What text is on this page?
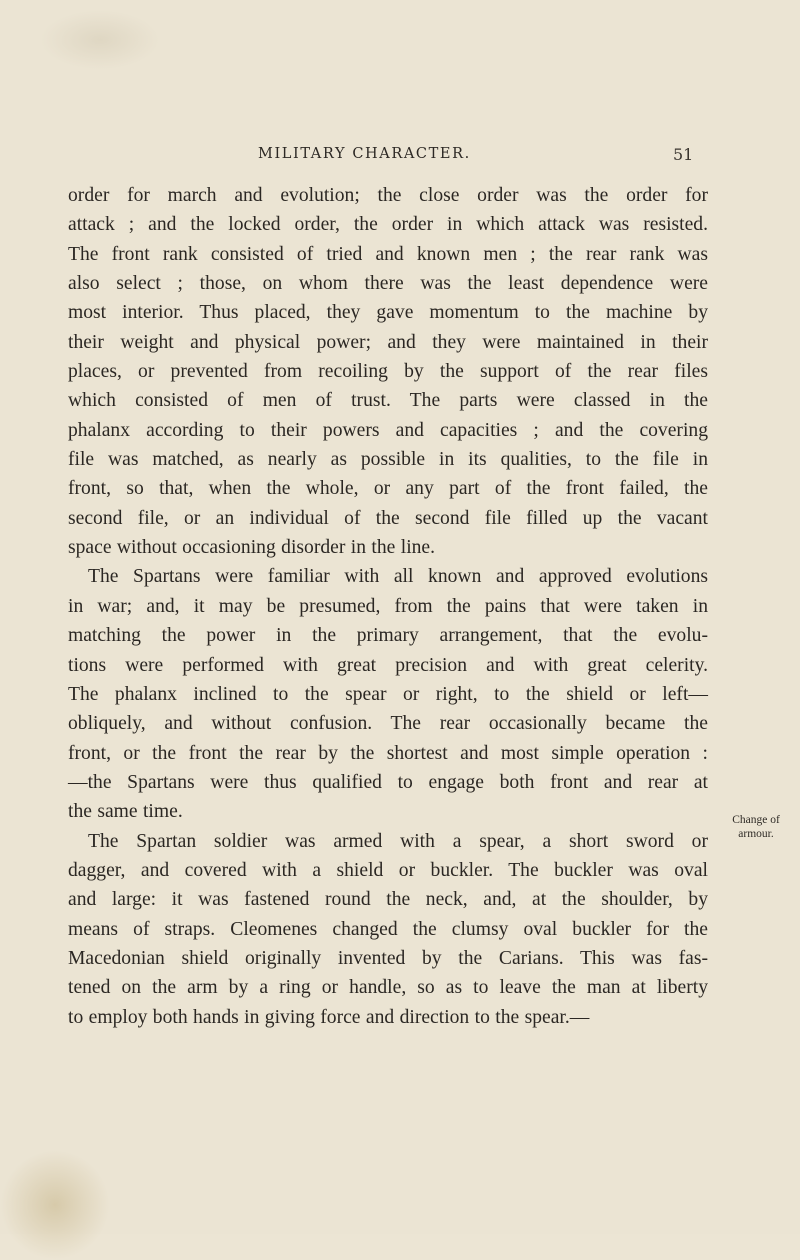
MILITARY CHARACTER.	51
order for march and evolution; the close order was the order for
attack ; and the locked order, the order in which attack was resisted.
The front rank consisted of tried and known men ; the rear rank was
also select ; those, on whom there was the least dependence were
most interior. Thus placed, they gave momentum to the machine by
their weight and physical power; and they were maintained in their
places, or prevented from recoiling by the support of the rear files
which consisted of men of trust. The parts were classed in the
phalanx according to their powers and capacities ; and the covering
file was matched, as nearly as possible in its qualities, to the file in
front, so that, when the whole, or any part of the front failed, the
second file, or an individual of the second file filled up the vacant
space without occasioning disorder in the line.
The Spartans were familiar with all known and approved evolutions
in war; and, it may be presumed, from the pains that were taken in
matching the power in the primary arrangement, that the evolu-
tions were performed with great precision and with great celerity.
The phalanx inclined to the spear or right, to the shield or left—
obliquely, and without confusion. The rear occasionally became the
front, or the front the rear by the shortest and most simple operation :
—the Spartans were thus qualified to engage both front and rear at
the same time.
The Spartan soldier was armed with a spear, a short sword or
dagger, and covered with a shield or buckler. The buckler was oval
and large: it was fastened round the neck, and, at the shoulder, by
means of straps. Cleomenes changed the clumsy oval buckler for the
Macedonian shield originally invented by the Carians. This was fas-
tened on the arm by a ring or handle, so as to leave the man at liberty
to employ both hands in giving force and direction to the spear.—
Change of
armour.
